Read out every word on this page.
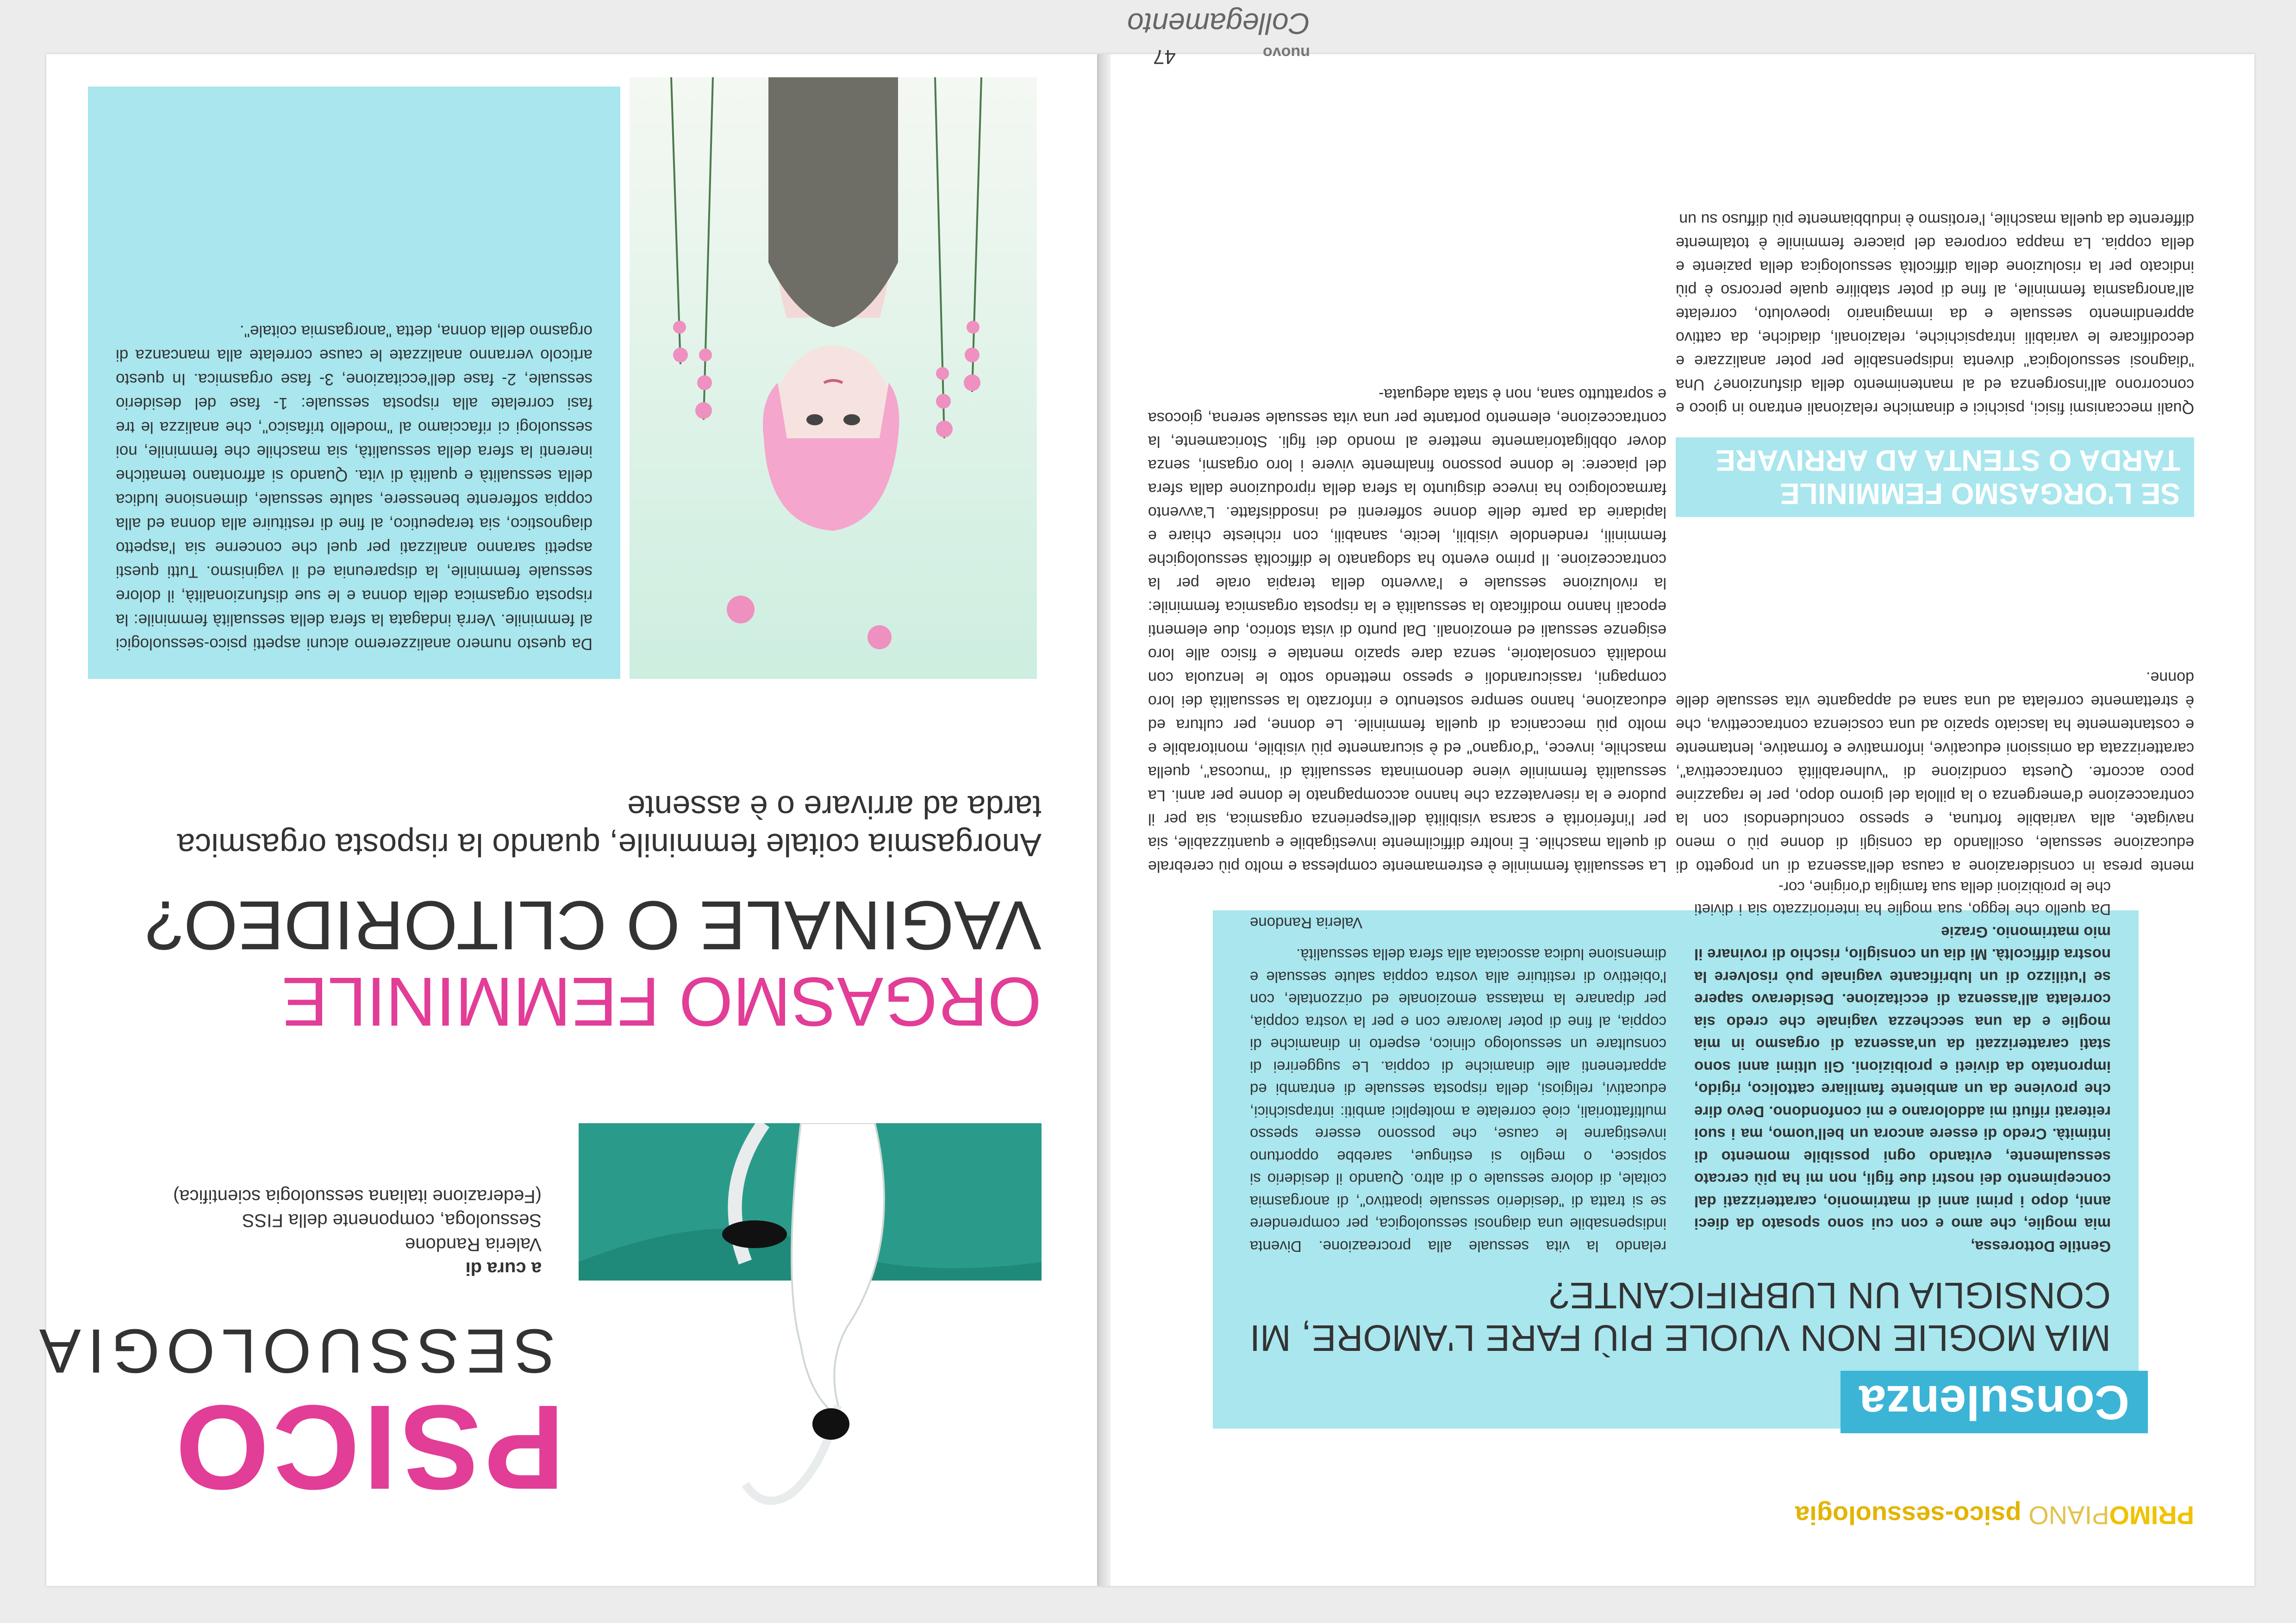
PRIMOPIANO psico-sessuologia
Consulenza
MIA MOGLIE NON VUOLE PIÙ FARE L'AMORE, MI CONSIGLIA UN LUBRIFICANTE?
Gentile Dottoressa,
mia moglie, che amo e con cui sono sposato da dieci anni, dopo i primi anni di matrimonio, caratterizzati dal concepimento dei nostri due figli, non mi ha più cercato sessualmente, evitando ogni possibile momento di intimità. Credo di essere ancora un bell'uomo, ma i suoi reiterati rifiuti mi addolorano e mi confondono. Devo dire che proviene da un ambiente familiare cattolico, rigido, improntato da divieti e proibizioni. Gli ultimi anni sono stati caratterizzati da un'assenza di orgasmo in mia moglie e da una secchezza vaginale che credo sia correlata all'assenza di eccitazione. Desideravo sapere se l'utilizzo di un lubrificante vaginale può risolvere la nostra difficoltà. Mi dia un consiglio, rischio di rovinare il mio matrimonio. Grazie
Da quello che leggo, sua moglie ha interiorizzato sia i divieti che le proibizioni della sua famiglia d'origine, cor-
relando la vita sessuale alla procreazione. Diventa indispensabile una diagnosi sessuologica, per comprendere se si tratta di "desiderio sessuale ipoattivo", di anorgasmia coitale, di dolore sessuale o di altro. Quando il desiderio si sopisce, o meglio si estingue, sarebbe opportuno investigarne le cause, che possono essere spesso multifattoriali, cioè correlate a molteplici ambiti: intrapsichici, educativi, religiosi, della risposta sessuale di entrambi ed appartenenti alle dinamiche di coppia. Le suggerirei di consultare un sessuologo clinico, esperto in dinamiche di coppia, al fine di poter lavorare con e per la vostra coppia, per dipanare la matassa emozionale ed orizzontale, con l'obiettivo di restituire alla vostra coppia salute sessuale e dimensione ludica associata alla sfera della sessualità.
Valeria Randone
La sessualità femminile è estremamente complessa e molto più cerebrale di quella maschile. È inoltre difficilmente investigabile e quantizzabile, sia per l'inferiorità e scarsa visibilità dell'esperienza orgasmica, sia per il pudore e la riservatezza che hanno accompagnato le donne per anni. La sessualità femminile viene denominata sessualità di "mucosa", quella maschile, invece, "d'organo" ed è sicuramente più visibile, monitorabile e molto più meccanica di quella femminile. Le donne, per cultura ed educazione, hanno sempre sostenuto e rinforzato la sessualità dei loro compagni, rassicurandoli e spesso mettendo sotto le lenzuola con modalità consolatorie, senza dare spazio mentale e fisico alle loro esigenze sessuali ed emozionali. Dal punto di vista storico, due elementi epocali hanno modificato la sessualità e la risposta orgasmica femminile: la rivoluzione sessuale e l'avvento della terapia orale per la contraccezione. Il primo evento ha sdoganato le difficoltà sessuologiche femminili, rendendole visibili, lecite, sanabili, con richieste chiare e lapidarie da parte delle donne sofferenti ed insoddisfatte. L'avvento farmacologico ha invece disgiunto la sfera della riproduzione dalla sfera del piacere: le donne possono finalmente vivere i loro orgasmi, senza dover obbligatoriamente mettere al mondo dei figli. Storicamente, la contraccezione, elemento portante per una vita sessuale serena, giocosa e soprattutto sana, non è stata adeguata-
mente presa in considerazione a causa dell'assenza di un progetto di educazione sessuale, oscillando da consigli di donne più o meno navigate, alla variabile fortuna, e spesso concludendosi con la contraccezione d'emergenza o la pillola del giorno dopo, per le ragazzine poco accorte. Questa condizione di "vulnerabilità contraccettiva", caratterizzata da omissioni educative, informative e formative, lentamente e costantemente ha lasciato spazio ad una coscienza contraccettiva, che è strettamente correlata ad una sana ed appagante vita sessuale delle donne.
SE L'ORGASMO FEMMINILE TARDA O STENTA AD ARRIVARE
Quali meccanismi fisici, psichici e dinamiche relazionali entrano in gioco e concorrono all'insorgenza ed al mantenimento della disfunzione? Una "diagnosi sessuologica" diventa indispensabile per poter analizzare e decodificare le variabili intrapsichiche, relazionali, diadiche, da cattivo apprendimento sessuale e da immaginario ipoevoluto, correlate all'anorgasmia femminile, al fine di poter stabilire quale percorso è più indicato per la risoluzione della difficoltà sessuologica della paziente e della coppia. La mappa corporea del piacere femminile è totalmente differente da quella maschile, l'erotismo è indubbiamente più diffuso su un
nuovo Collegamento
47
PSICO
SESSUOLOGIA
a cura di
Valeria Randone
Sessuologa, componente della FISS
(Federazione italiana sessuologia scientifica)
ORGASMO FEMMINILE
VAGINALE O CLITORIDEO?
Anorgasmia coitale femminile, quando la risposta orgasmica tarda ad arrivare o è assente
Da questo numero analizzeremo alcuni aspetti psico-sessuologici al femminile. Verrà indagata la sfera della sessualità femminile: la risposta orgasmica della donna e le sue disfunzionalità, il dolore sessuale femminile, la dispareunia ed il vaginismo. Tutti questi aspetti saranno analizzati per quel che concerne sia l'aspetto diagnostico, sia terapeutico, al fine di restituire alla donna ed alla coppia sofferente benessere, salute sessuale, dimensione ludica della sessualità e qualità di vita. Quando si affrontano tematiche inerenti la sfera della sessualità, sia maschile che femminile, noi sessuologi ci rifacciamo al "modello trifasico", che analizza le tre fasi correlate alla risposta sessuale: 1- fase del desiderio sessuale, 2- fase dell'eccitazione, 3- fase orgasmica. In questo articolo verranno analizzate le cause correlate alla mancanza di orgasmo della donna, detta "anorgasmia coitale".
